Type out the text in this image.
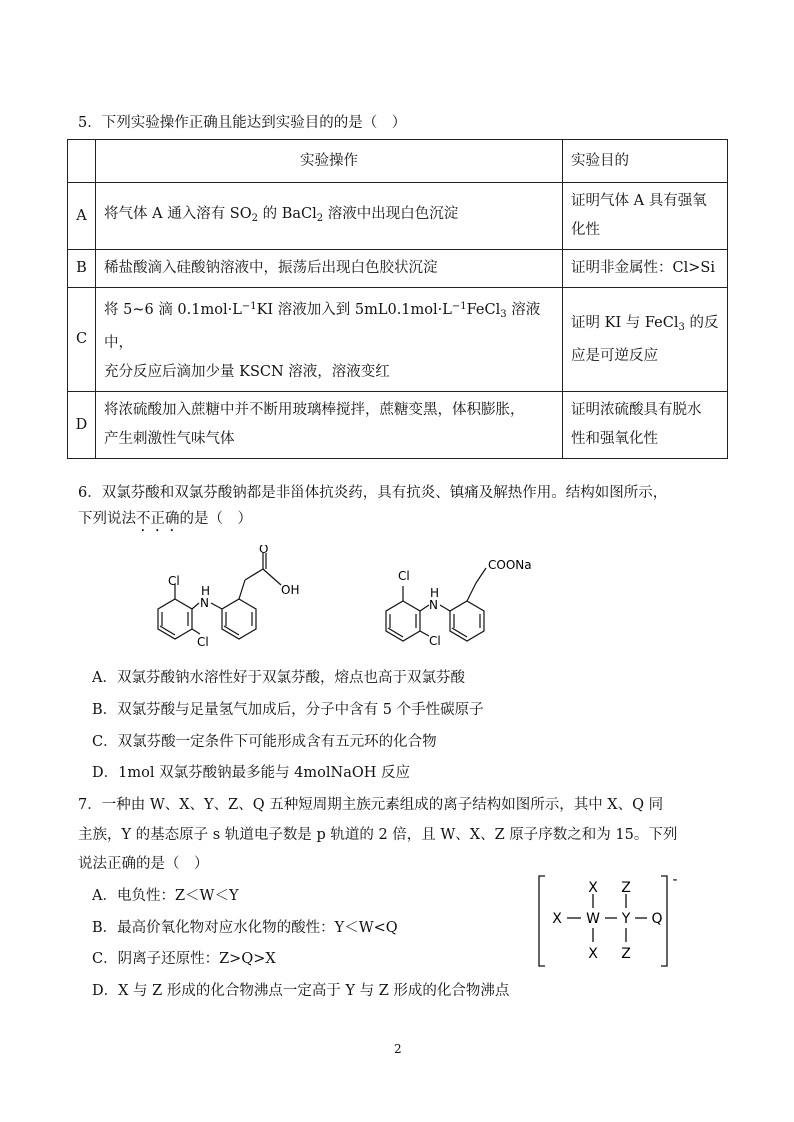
5．下列实验操作正确且能达到实验目的的是（　）
	实验操作	实验目的
A	将气体 A 通入溶有 $SO_2$ 的 BaCl$_2$ 溶液中出现白色沉淀	证明气体 A 具有强氧
化性
B	稀盐酸滴入硅酸钠溶液中，振荡后出现白色胶状沉淀	证明非金属性：Cl>Si
C	将 5~6 滴 $0.1mol\cdot L^{-1}KI$ 溶液加入到 $5mL0.1mol\cdot L^{-1}FeCl_3$ 溶液中，
充分反应后滴加少量 KSCN 溶液，溶液变红	证明 KI 与 FeCl$_3$ 的反
应是可逆反应
D	将浓硫酸加入蔗糖中并不断用玻璃棒搅拌，蔗糖变黑，体积膨胀，
产生刺激性气味气体	证明浓硫酸具有脱水
性和强氧化性
6．双氯芬酸和双氯芬酸钠都是非甾体抗炎药，具有抗炎、镇痛及解热作用。结构如图所示，
下列说法不正确的是（　）
O
OH
Cl
N
H
Cl
COONa
Cl
N
H
Cl
A．双氯芬酸钠水溶性好于双氯芬酸，熔点也高于双氯芬酸
B．双氯芬酸与足量氢气加成后，分子中含有 5 个手性碳原子
C．双氯芬酸一定条件下可能形成含有五元环的化合物
D．1mol 双氯芬酸钠最多能与 4molNaOH 反应
7．一种由 W、X、Y、Z、Q 五种短周期主族元素组成的离子结构如图所示，其中 X、Q 同
主族，Y 的基态原子 s 轨道电子数是 p 轨道的 2 倍，且 W、X、Z 原子序数之和为 15。下列
说法正确的是（　）
A．电负性：Z＜W＜Y
B．最高价氧化物对应水化物的酸性：Y＜W<Q
C．阴离子还原性：Z>Q>X
D．X 与 Z 形成的化合物沸点一定高于 Y 与 Z 形成的化合物沸点
X Z
X W Y Q
X Z
-
2
